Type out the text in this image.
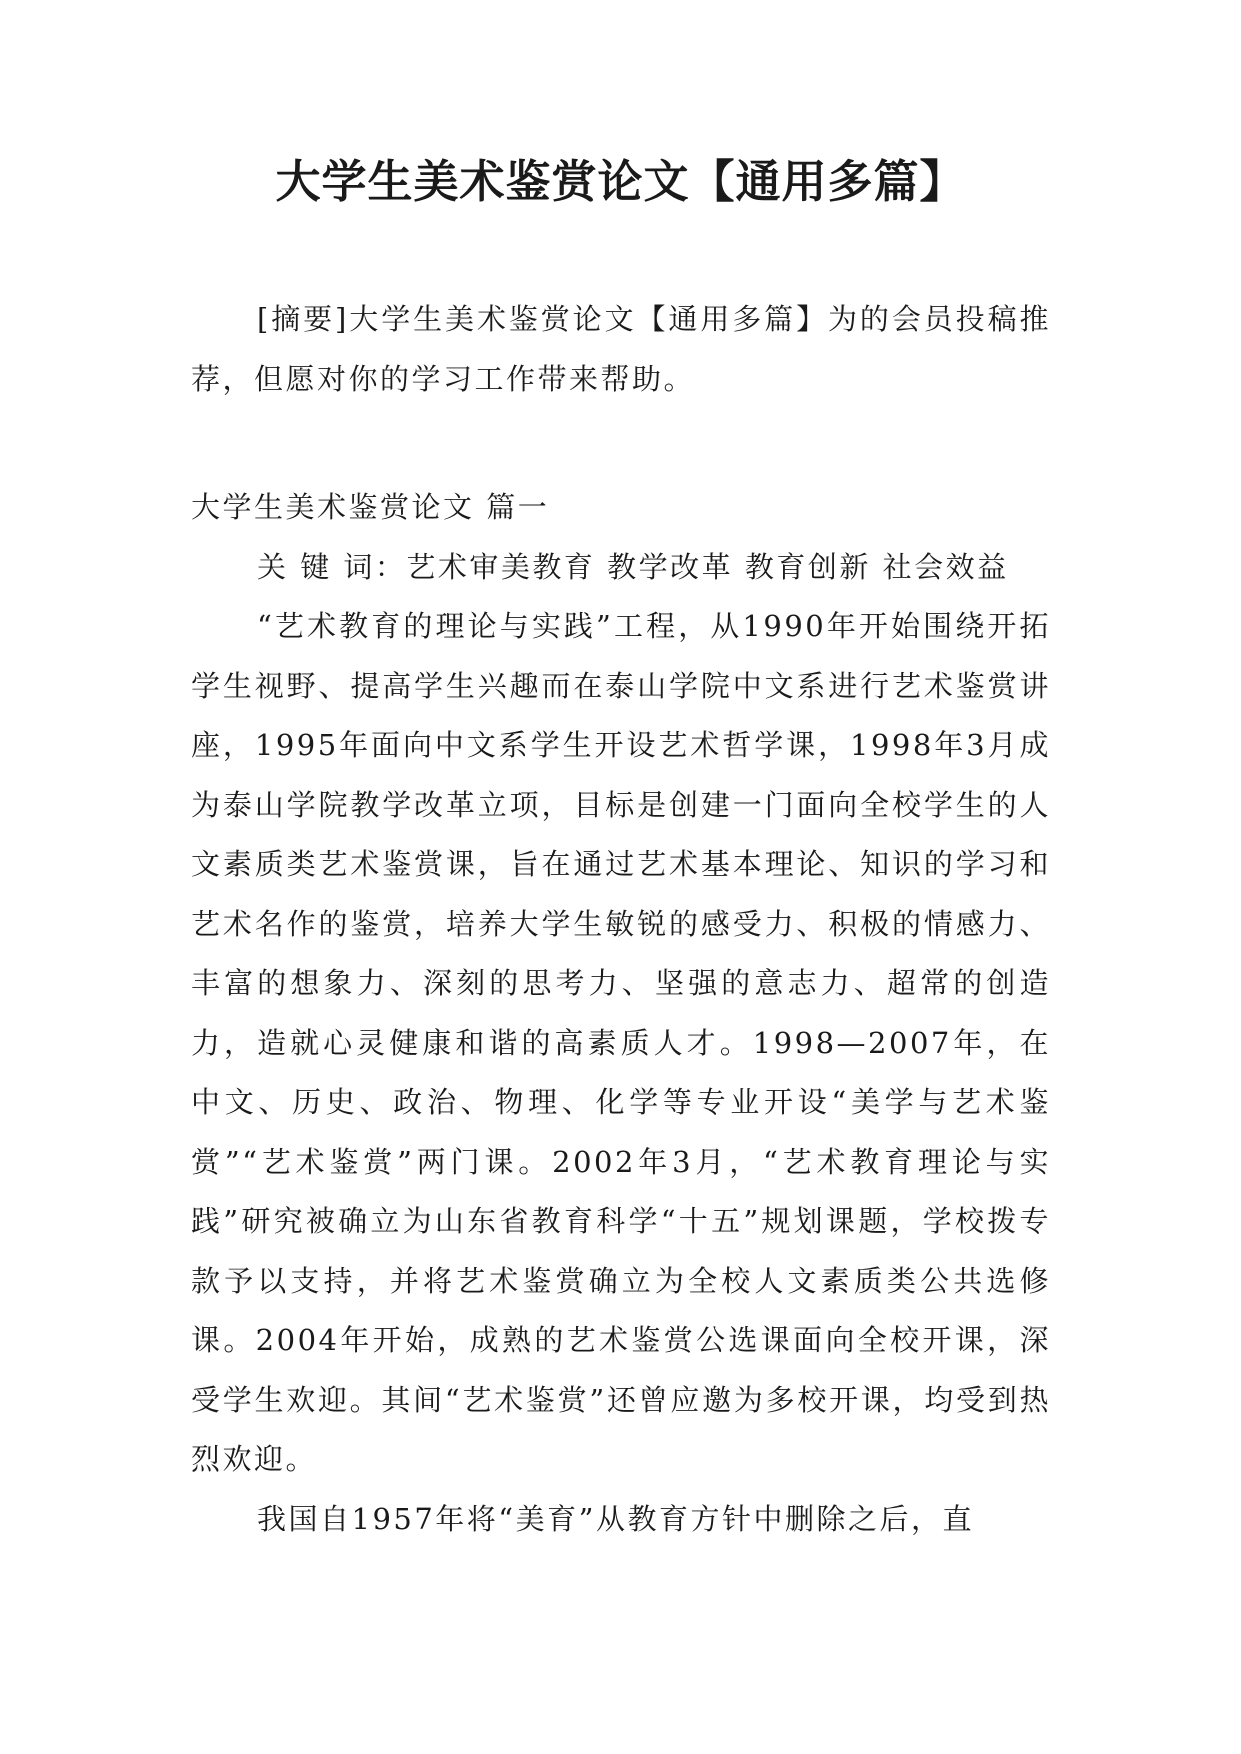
大学生美术鉴赏论文【通用多篇】

[摘要]大学生美术鉴赏论文【通用多篇】为的会员投稿推荐，但愿对你的学习工作带来帮助。

大学生美术鉴赏论文 篇一

关 键 词：艺术审美教育 教学改革 教育创新 社会效益

“艺术教育的理论与实践”工程，从1990年开始围绕开拓学生视野、提高学生兴趣而在泰山学院中文系进行艺术鉴赏讲座，1995年面向中文系学生开设艺术哲学课，1998年3月成为泰山学院教学改革立项，目标是创建一门面向全校学生的人文素质类艺术鉴赏课，旨在通过艺术基本理论、知识的学习和艺术名作的鉴赏，培养大学生敏锐的感受力、积极的情感力、丰富的想象力、深刻的思考力、坚强的意志力、超常的创造力，造就心灵健康和谐的高素质人才。1998—2007年，在中文、历史、政治、物理、化学等专业开设“美学与艺术鉴赏”“艺术鉴赏”两门课。2002年3月，“艺术教育理论与实践”研究被确立为山东省教育科学“十五”规划课题，学校拨专款予以支持，并将艺术鉴赏确立为全校人文素质类公共选修课。2004年开始，成熟的艺术鉴赏公选课面向全校开课，深受学生欢迎。其间“艺术鉴赏”还曾应邀为多校开课，均受到热烈欢迎。

我国自1957年将“美育”从教育方针中删除之后，直
